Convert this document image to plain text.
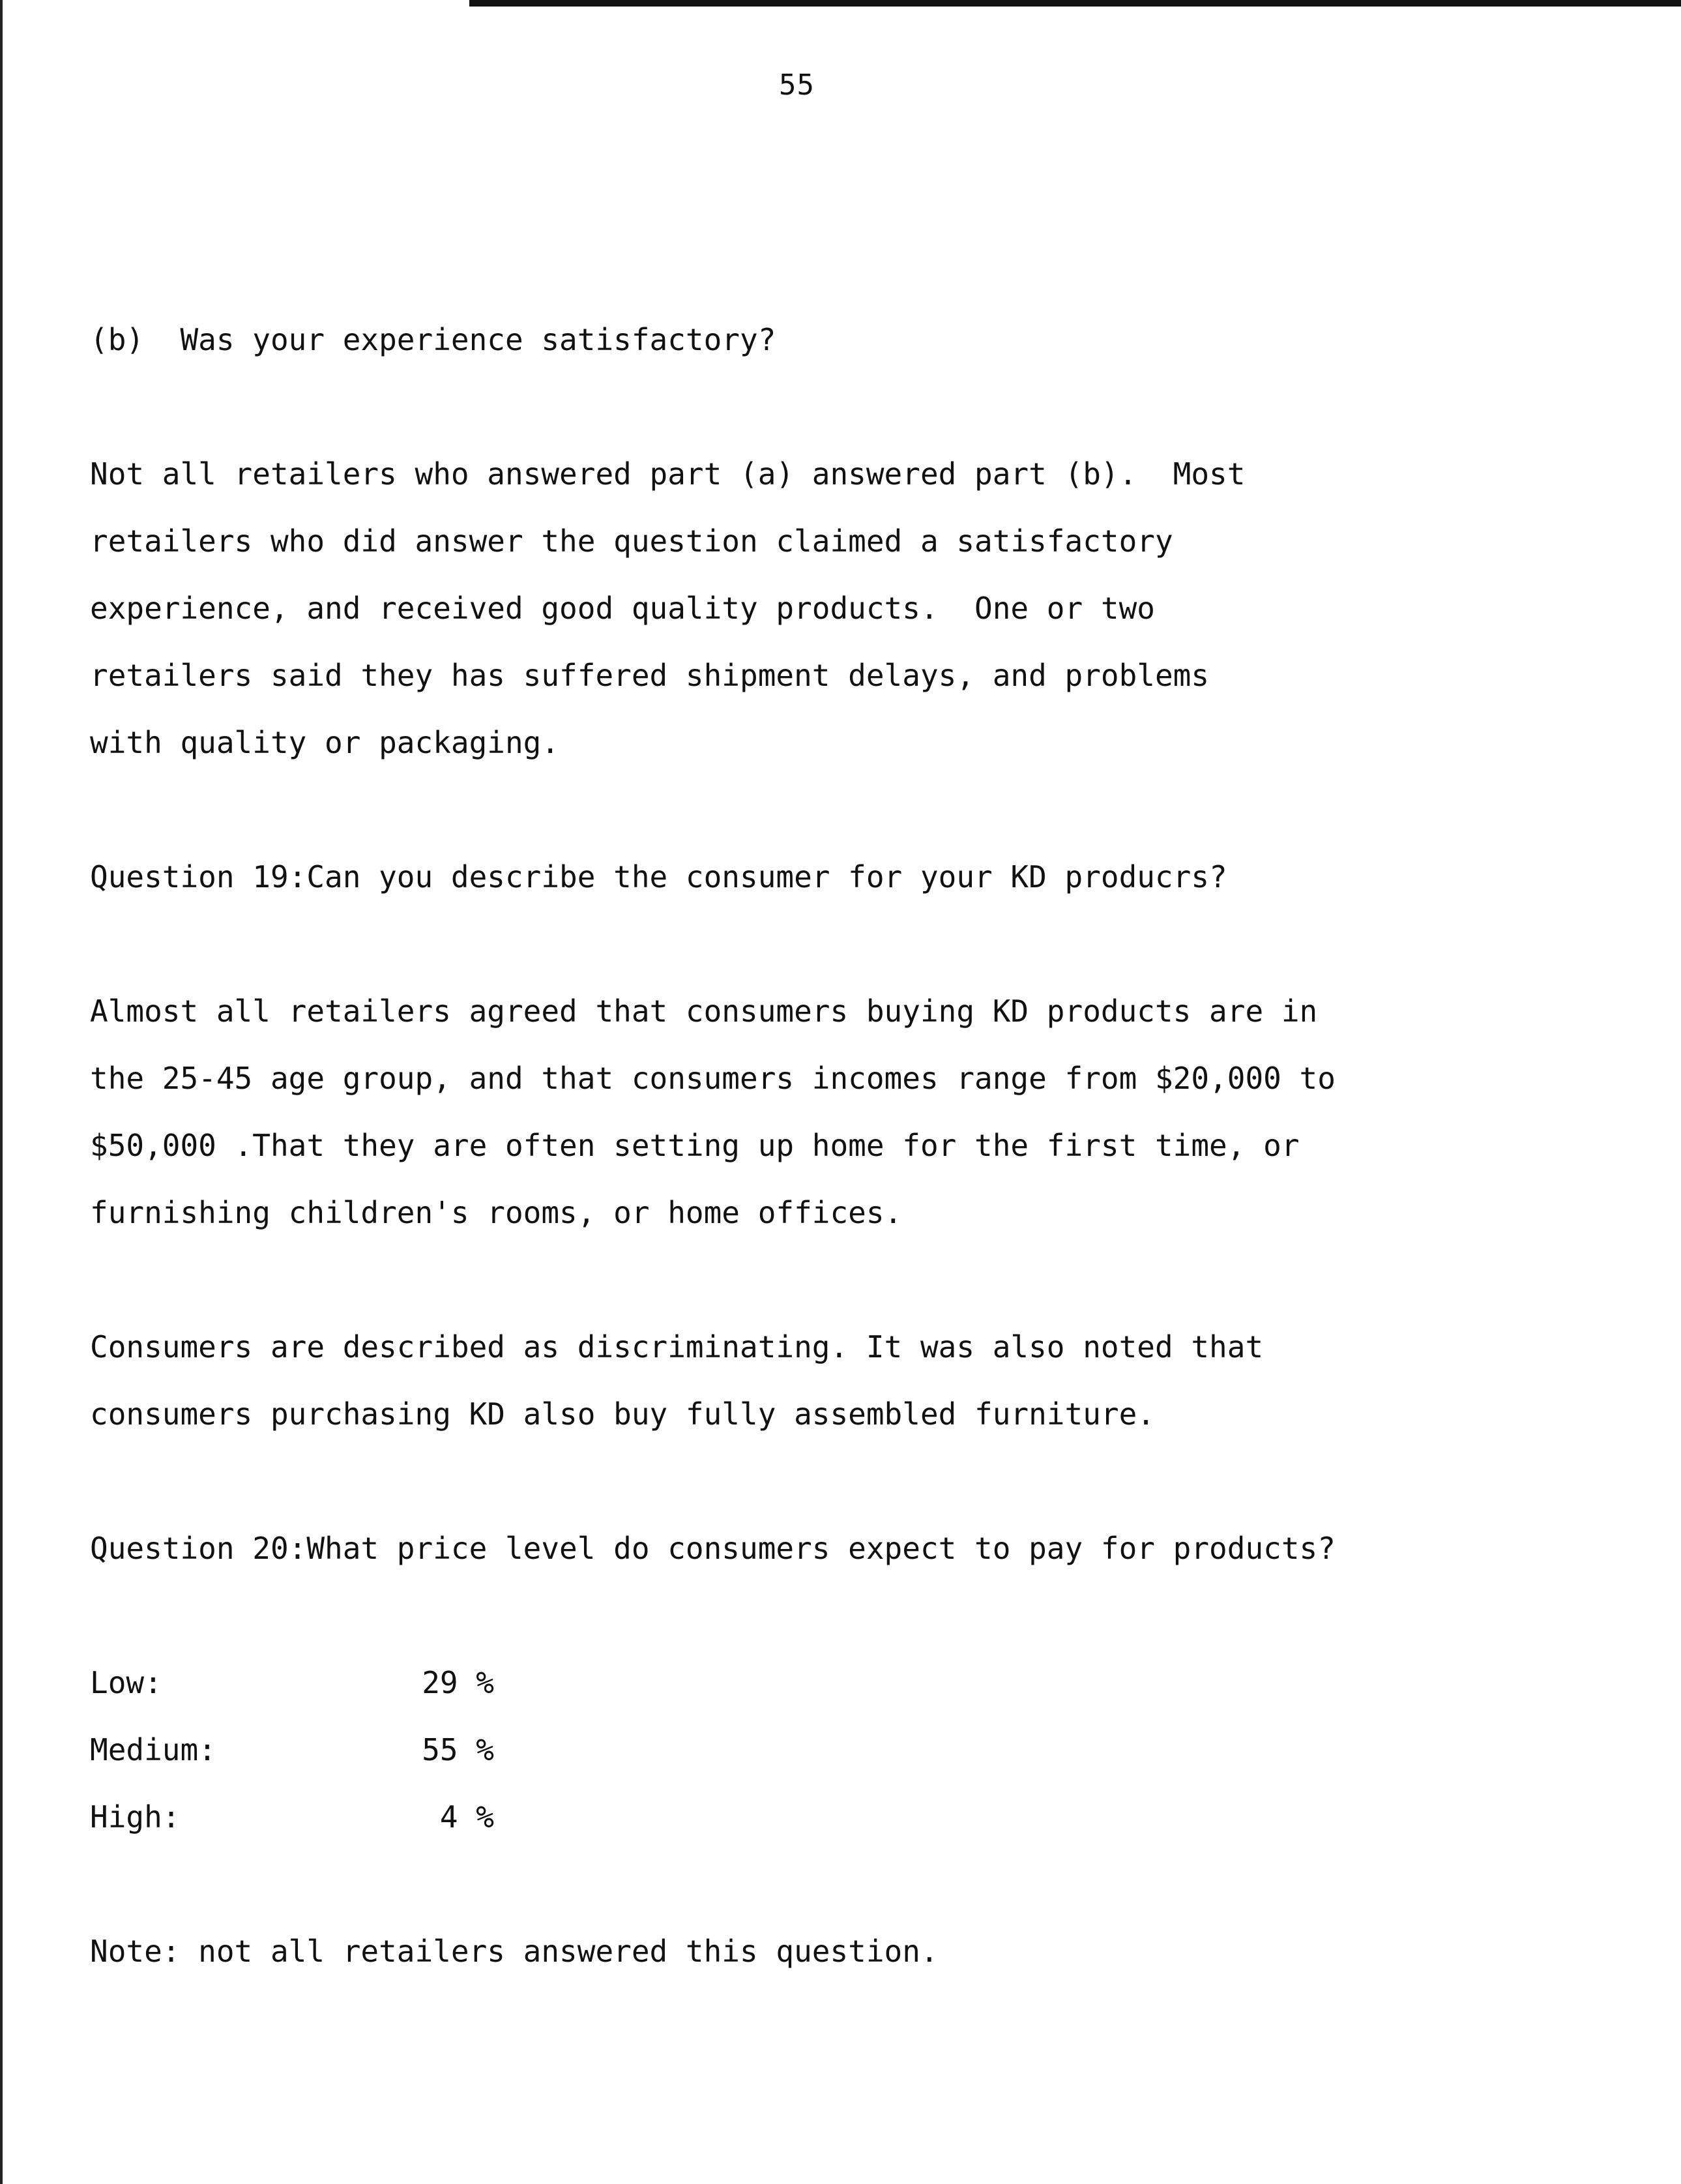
55

(b)  Was your experience satisfactory?

Not all retailers who answered part (a) answered part (b).  Most

retailers who did answer the question claimed a satisfactory

experience, and received good quality products.  One or two

retailers said they has suffered shipment delays, and problems

with quality or packaging.

Question 19:Can you describe the consumer for your KD producrs?

Almost all retailers agreed that consumers buying KD products are in

the 25-45 age group, and that consumers incomes range from $20,000 to

$50,000 .That they are often setting up home for the first time, or

furnishing children's rooms, or home offices.

Consumers are described as discriminating. It was also noted that

consumers purchasing KD also buy fully assembled furniture.

Question 20:What price level do consumers expect to pay for products?

Low:	29 %
Medium:	55 %
High:	4 %

Note: not all retailers answered this question.
